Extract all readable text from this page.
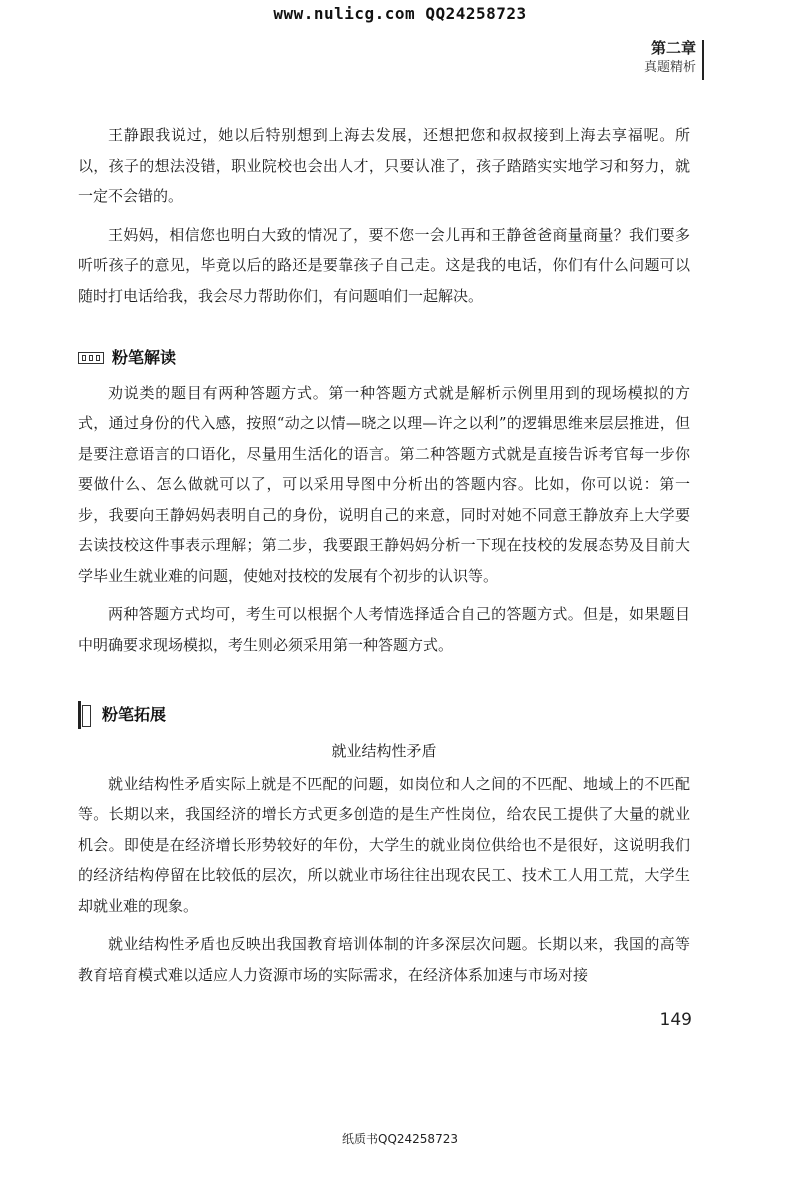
www.nulicg.com QQ24258723
第二章
真题精析

王静跟我说过，她以后特别想到上海去发展，还想把您和叔叔接到上海去享福呢。所以，孩子的想法没错，职业院校也会出人才，只要认准了，孩子踏踏实实地学习和努力，就一定不会错的。

王妈妈，相信您也明白大致的情况了，要不您一会儿再和王静爸爸商量商量？我们要多听听孩子的意见，毕竟以后的路还是要靠孩子自己走。这是我的电话，你们有什么问题可以随时打电话给我，我会尽力帮助你们，有问题咱们一起解决。

粉笔解读

劝说类的题目有两种答题方式。第一种答题方式就是解析示例里用到的现场模拟的方式，通过身份的代入感，按照“动之以情—晓之以理—许之以利”的逻辑思维来层层推进，但是要注意语言的口语化，尽量用生活化的语言。第二种答题方式就是直接告诉考官每一步你要做什么、怎么做就可以了，可以采用导图中分析出的答题内容。比如，你可以说：第一步，我要向王静妈妈表明自己的身份，说明自己的来意，同时对她不同意王静放弃上大学要去读技校这件事表示理解；第二步，我要跟王静妈妈分析一下现在技校的发展态势及目前大学毕业生就业难的问题，使她对技校的发展有个初步的认识等。

两种答题方式均可，考生可以根据个人考情选择适合自己的答题方式。但是，如果题目中明确要求现场模拟，考生则必须采用第一种答题方式。

粉笔拓展
就业结构性矛盾

就业结构性矛盾实际上就是不匹配的问题，如岗位和人之间的不匹配、地域上的不匹配等。长期以来，我国经济的增长方式更多创造的是生产性岗位，给农民工提供了大量的就业机会。即使是在经济增长形势较好的年份，大学生的就业岗位供给也不是很好，这说明我们的经济结构停留在比较低的层次，所以就业市场往往出现农民工、技术工人用工荒，大学生却就业难的现象。

就业结构性矛盾也反映出我国教育培训体制的许多深层次问题。长期以来，我国的高等教育培育模式难以适应人力资源市场的实际需求，在经济体系加速与市场对接

149
纸质书QQ24258723
